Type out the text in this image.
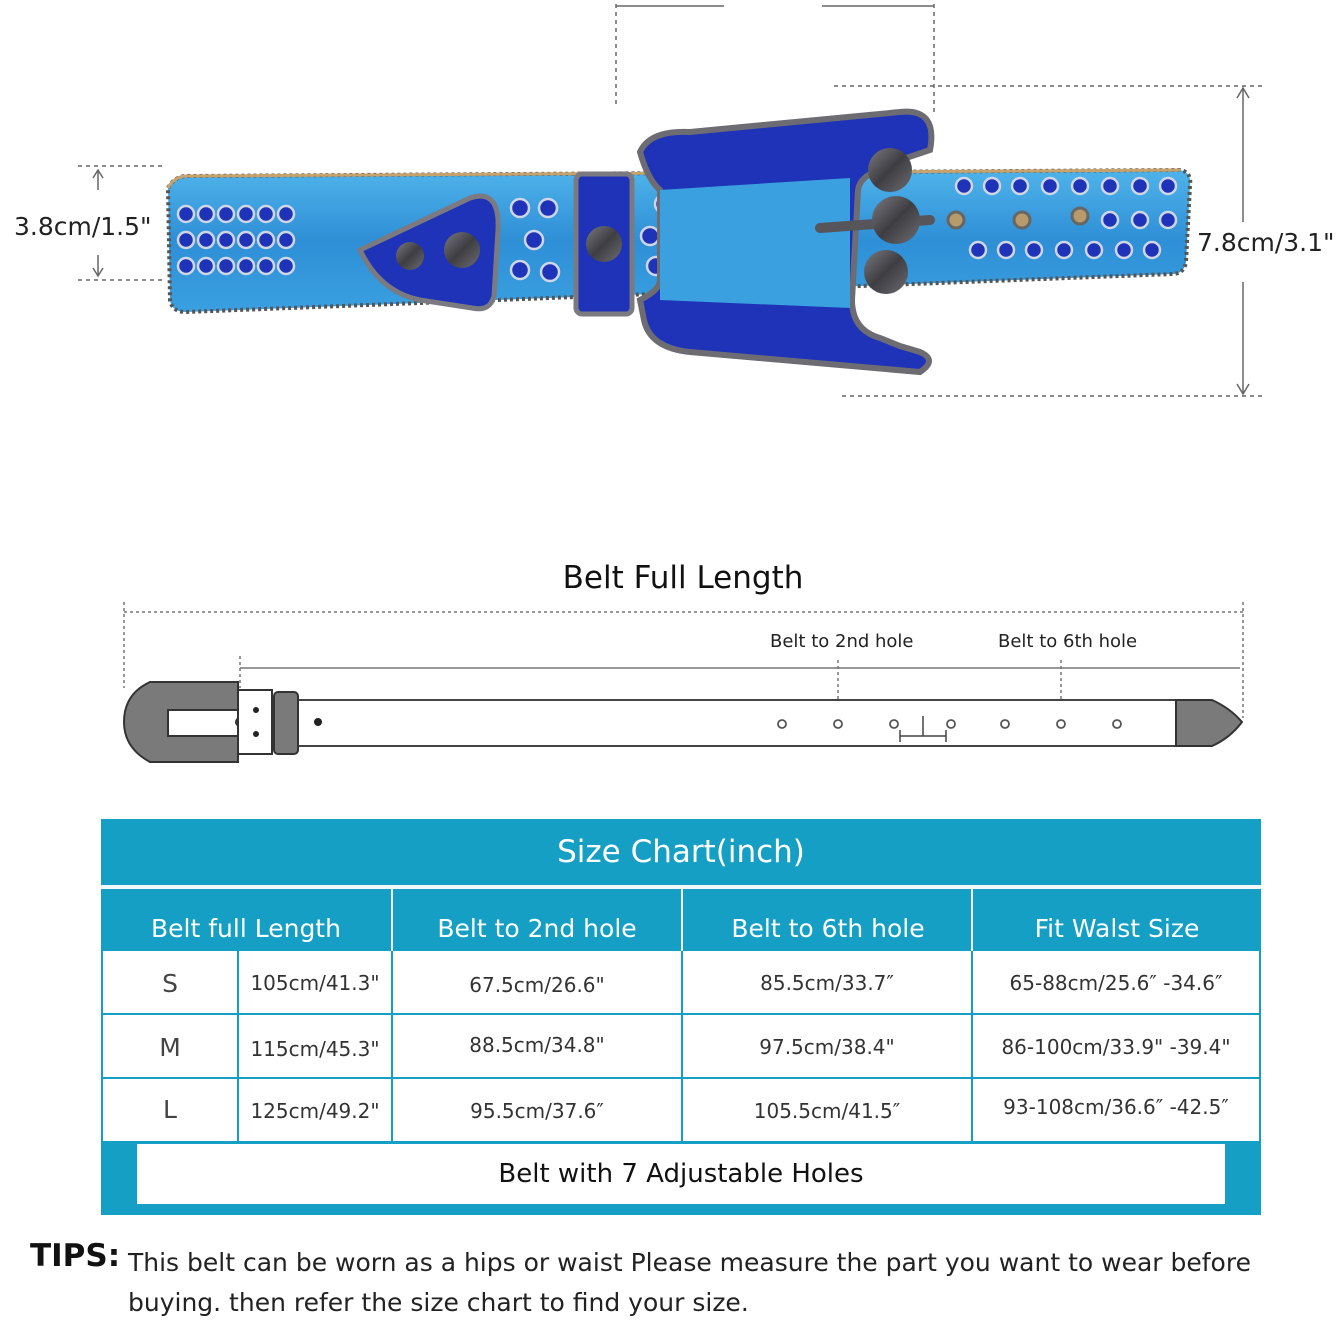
3.8cm/1.5"
7.8cm/3.1"
Belt Full Length
Belt to 2nd hole	Belt to 6th hole
Size Chart(inch)
Belt full Length	Belt to 2nd hole	Belt to 6th hole	Fit Walst Size
S	105cm/41.3"	67.5cm/26.6"	85.5cm/33.7″	65-88cm/25.6″ -34.6″
M	115cm/45.3"	88.5cm/34.8"	97.5cm/38.4"	86-100cm/33.9" -39.4"
L	125cm/49.2"	95.5cm/37.6″	105.5cm/41.5″	93-108cm/36.6″ -42.5″
Belt with 7 Adjustable Holes
TIPS: This belt can be worn as a hips or waist Please measure the part you want to wear before buying. then refer the size chart to find your size.
